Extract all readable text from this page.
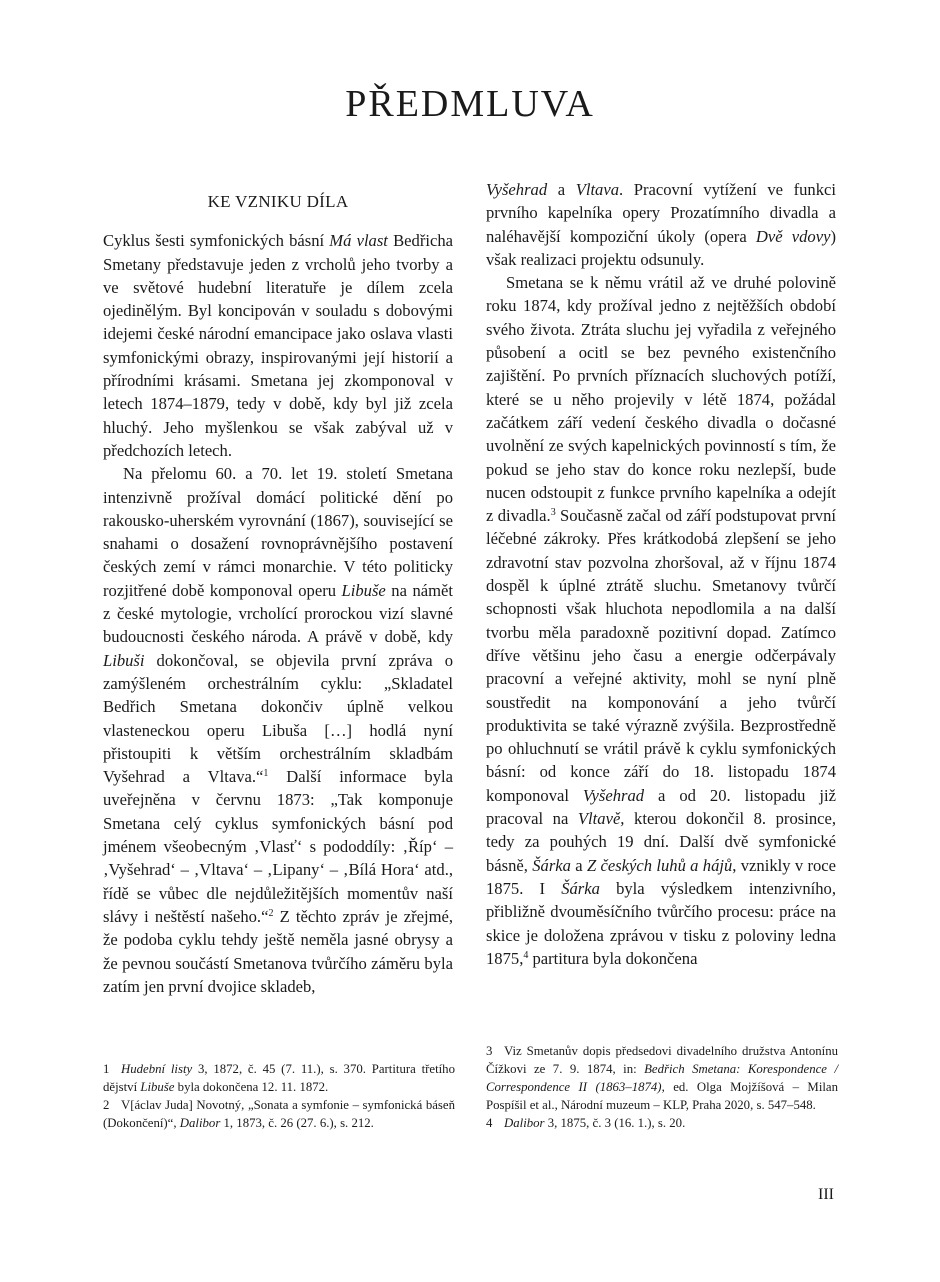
PŘEDMLUVA
KE VZNIKU DÍLA

Cyklus šesti symfonických básní Má vlast Bedřicha Smetany představuje jeden z vrcholů jeho tvorby a ve světové hudební literatuře je dílem zcela ojedinělým. Byl koncipován v souladu s dobovými idejemi české národní emancipace jako oslava vlasti symfonickými obrazy, inspirovanými její historií a přírodními krásami. Smetana jej zkomponoval v letech 1874–1879, tedy v době, kdy byl již zcela hluchý. Jeho myšlenkou se však zabýval už v předchozích letech.

Na přelomu 60. a 70. let 19. století Smetana intenzivně prožíval domácí politické dění po rakousko-uherském vyrovnání (1867), související se snahami o dosažení rovnoprávnějšího postavení českých zemí v rámci monarchie. V této politicky rozjitřené době komponoval operu Libuše na námět z české mytologie, vrcholící prorockou vizí slavné budoucnosti českého národa. A právě v době, kdy Libuši dokončoval, se objevila první zpráva o zamýšleném orchestrálním cyklu: „Skladatel Bedřich Smetana dokončiv úplně velkou vlasteneckou operu Libuša […] hodlá nyní přistoupiti k větším orchestrálním skladbám Vyšehrad a Vltava.“$^1$ Další informace byla uveřejněna v červnu 1873: „Tak komponuje Smetana celý cyklus symfonických básní pod jménem všeobecným ‚Vlasť‘ s pododdíly: ‚Říp‘ – ‚Vyšehrad‘ – ‚Vltava‘ – ‚Lipany‘ – ‚Bílá Hora‘ atd., řídě se vůbec dle nejdůležitějších momentův naší slávy i neštěstí našeho.“$^2$ Z těchto zpráv je zřejmé, že podoba cyklu tehdy ještě neměla jasné obrysy a že pevnou součástí Smetanova tvůrčího záměru byla zatím jen první dvojice skladeb,

Vyšehrad a Vltava. Pracovní vytížení ve funkci prvního kapelníka opery Prozatímního divadla a naléhavější kompoziční úkoly (opera Dvě vdovy) však realizaci projektu odsunuly.

Smetana se k němu vrátil až ve druhé polovině roku 1874, kdy prožíval jedno z nejtěžších období svého života. Ztráta sluchu jej vyřadila z veřejného působení a ocitl se bez pevného existenčního zajištění. Po prvních příznacích sluchových potíží, které se u něho projevily v létě 1874, požádal začátkem září vedení českého divadla o dočasné uvolnění ze svých kapelnických povinností s tím, že pokud se jeho stav do konce roku nezlepší, bude nucen odstoupit z funkce prvního kapelníka a odejít z divadla.$^3$ Současně začal od září podstupovat první léčebné zákroky. Přes krátkodobá zlepšení se jeho zdravotní stav pozvolna zhoršoval, až v říjnu 1874 dospěl k úplné ztrátě sluchu. Smetanovy tvůrčí schopnosti však hluchota nepodlomila a na další tvorbu měla paradoxně pozitivní dopad. Zatímco dříve většinu jeho času a energie odčerpávaly pracovní a veřejné aktivity, mohl se nyní plně soustředit na komponování a jeho tvůrčí produktivita se také výrazně zvýšila. Bezprostředně po ohluchnutí se vrátil právě k cyklu symfonických básní: od konce září do 18. listopadu 1874 komponoval Vyšehrad a od 20. listopadu již pracoval na Vltavě, kterou dokončil 8. prosince, tedy za pouhých 19 dní. Další dvě symfonické básně, Šárka a Z českých luhů a hájů, vznikly v roce 1875. I Šárka byla výsledkem intenzivního, přibližně dvouměsíčního tvůrčího procesu: práce na skice je doložena zprávou v tisku z poloviny ledna 1875,$^4$ partitura byla dokončena

1 Hudební listy 3, 1872, č. 45 (7. 11.), s. 370. Partitura třetího dějství Libuše byla dokončena 12. 11. 1872.

2 V[áclav Juda] Novotný, „Sonata a symfonie – symfonická báseň (Dokončení)“, Dalibor 1, 1873, č. 26 (27. 6.), s. 212.

3 Viz Smetanův dopis předsedovi divadelního družstva Antonínu Čížkovi ze 7. 9. 1874, in: Bedřich Smetana: Korespondence / Correspondence II (1863–1874), ed. Olga Mojžíšová – Milan Pospíšil et al., Národní muzeum – KLP, Praha 2020, s. 547–548.

4 Dalibor 3, 1875, č. 3 (16. 1.), s. 20.

III
